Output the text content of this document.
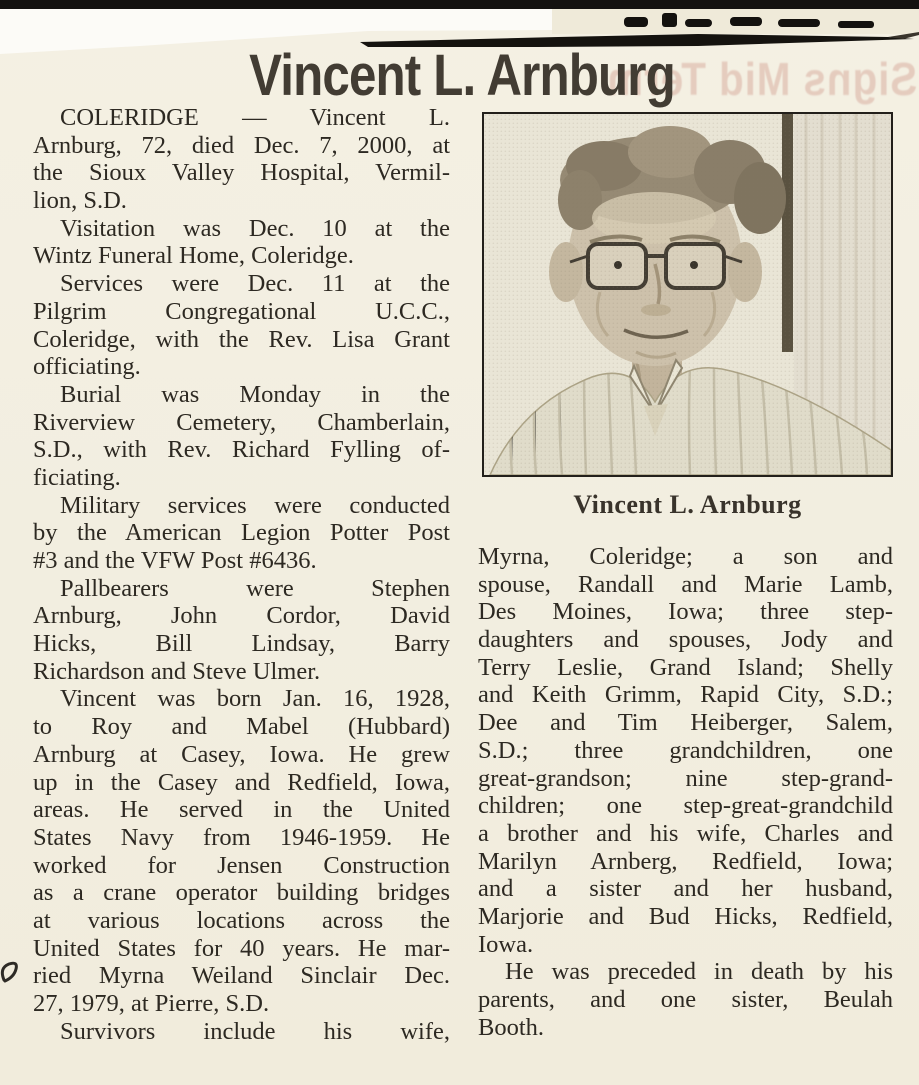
Signs Mid Term
Vincent L. Arnburg
COLERIDGE — Vincent L.
Arnburg, 72, died Dec. 7, 2000, at
the Sioux Valley Hospital, Vermil-
lion, S.D.
Visitation was Dec. 10 at the
Wintz Funeral Home, Coleridge.
Services were Dec. 11 at the
Pilgrim Congregational U.C.C.,
Coleridge, with the Rev. Lisa Grant
officiating.
Burial was Monday in the
Riverview Cemetery, Chamberlain,
S.D., with Rev. Richard Fylling of-
ficiating.
Military services were conducted
by the American Legion Potter Post
#3 and the VFW Post #6436.
Pallbearers were Stephen
Arnburg, John Cordor, David
Hicks, Bill Lindsay, Barry
Richardson and Steve Ulmer.
Vincent was born Jan. 16, 1928,
to Roy and Mabel (Hubbard)
Arnburg at Casey, Iowa. He grew
up in the Casey and Redfield, Iowa,
areas. He served in the United
States Navy from 1946-1959. He
worked for Jensen Construction
as a crane operator building bridges
at various locations across the
United States for 40 years. He mar-
ried Myrna Weiland Sinclair Dec.
27, 1979, at Pierre, S.D.
Survivors include his wife,
Vincent L. Arnburg
Myrna, Coleridge; a son and
spouse, Randall and Marie Lamb,
Des Moines, Iowa; three step-
daughters and spouses, Jody and
Terry Leslie, Grand Island; Shelly
and Keith Grimm, Rapid City, S.D.;
Dee and Tim Heiberger, Salem,
S.D.; three grandchildren, one
great-grandson; nine step-grand-
children; one step-great-grandchild
a brother and his wife, Charles and
Marilyn Arnberg, Redfield, Iowa;
and a sister and her husband,
Marjorie and Bud Hicks, Redfield,
Iowa.
He was preceded in death by his
parents, and one sister, Beulah
Booth.
